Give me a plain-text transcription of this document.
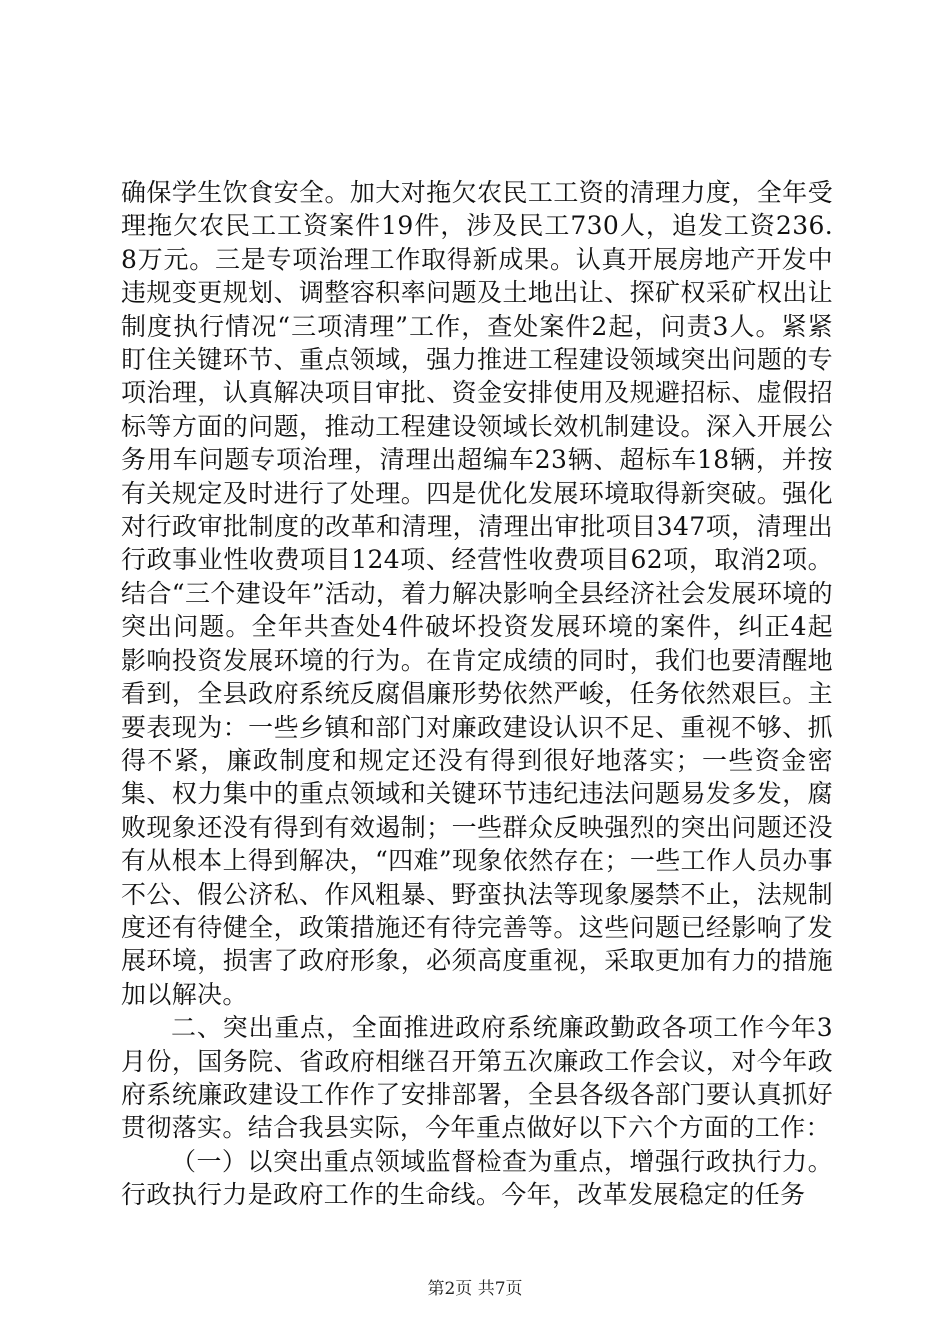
确保学生饮食安全。加大对拖欠农民工工资的清理力度，全年受理拖欠农民工工资案件19件，涉及民工730人，追发工资236.8万元。三是专项治理工作取得新成果。认真开展房地产开发中违规变更规划、调整容积率问题及土地出让、探矿权采矿权出让制度执行情况“三项清理”工作，查处案件2起，问责3人。紧紧盯住关键环节、重点领域，强力推进工程建设领域突出问题的专项治理，认真解决项目审批、资金安排使用及规避招标、虚假招标等方面的问题，推动工程建设领域长效机制建设。深入开展公务用车问题专项治理，清理出超编车23辆、超标车18辆，并按有关规定及时进行了处理。四是优化发展环境取得新突破。强化对行政审批制度的改革和清理，清理出审批项目347项，清理出行政事业性收费项目124项、经营性收费项目62项，取消2项。结合“三个建设年”活动，着力解决影响全县经济社会发展环境的突出问题。全年共查处4件破坏投资发展环境的案件，纠正4起影响投资发展环境的行为。在肯定成绩的同时，我们也要清醒地看到，全县政府系统反腐倡廉形势依然严峻，任务依然艰巨。主要表现为：一些乡镇和部门对廉政建设认识不足、重视不够、抓得不紧，廉政制度和规定还没有得到很好地落实；一些资金密集、权力集中的重点领域和关键环节违纪违法问题易发多发，腐败现象还没有得到有效遏制；一些群众反映强烈的突出问题还没有从根本上得到解决，“四难”现象依然存在；一些工作人员办事不公、假公济私、作风粗暴、野蛮执法等现象屡禁不止，法规制度还有待健全，政策措施还有待完善等。这些问题已经影响了发展环境，损害了政府形象，必须高度重视，采取更加有力的措施加以解决。

二、突出重点，全面推进政府系统廉政勤政各项工作今年3月份，国务院、省政府相继召开第五次廉政工作会议，对今年政府系统廉政建设工作作了安排部署，全县各级各部门要认真抓好贯彻落实。结合我县实际，今年重点做好以下六个方面的工作：

（一）以突出重点领域监督检查为重点，增强行政执行力。行政执行力是政府工作的生命线。今年，改革发展稳定的任务

第2页 共7页
